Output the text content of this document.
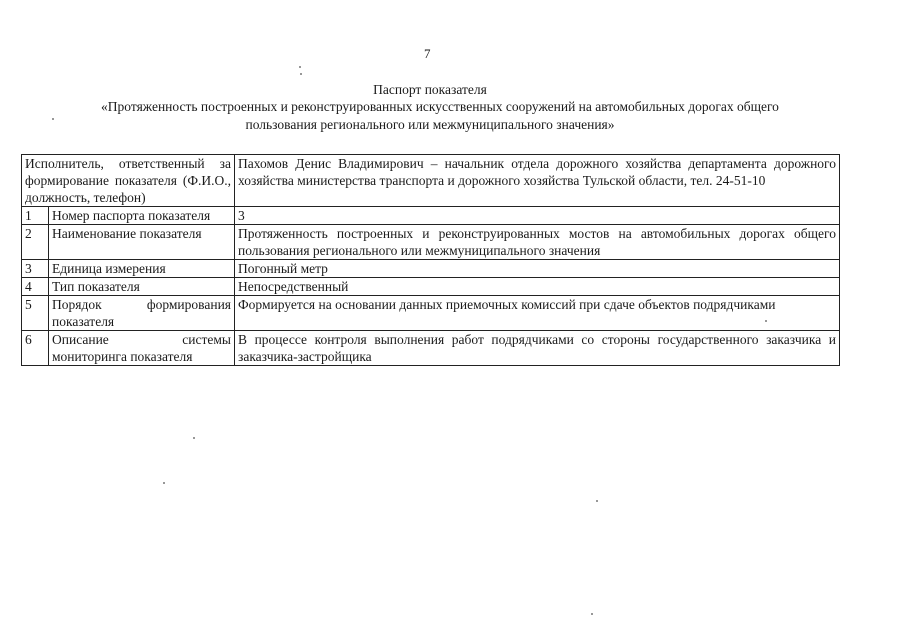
7
Паспорт показателя
«Протяженность построенных и реконструированных искусственных сооружений на автомобильных дорогах общего
пользования регионального или межмуниципального значения»
Исполнитель, ответственный за формирование показателя (Ф.И.О., должность, телефон)		Пахомов Денис Владимирович – начальник отдела дорожного хозяйства департамента дорожного хозяйства министерства транспорта и дорожного хозяйства Тульской области, тел. 24-51-10
1	Номер паспорта показателя	3
2	Наименование показателя	Протяженность построенных и реконструированных мостов на автомобильных дорогах общего пользования регионального или межмуниципального значения
3	Единица измерения	Погонный метр
4	Тип показателя	Непосредственный
5	Порядок формирования показателя	Формируется на основании данных приемочных комиссий при сдаче объектов подрядчиками
6	Описание системы мониторинга показателя	В процессе контроля выполнения работ подрядчиками со стороны государственного заказчика и заказчика-застройщика
